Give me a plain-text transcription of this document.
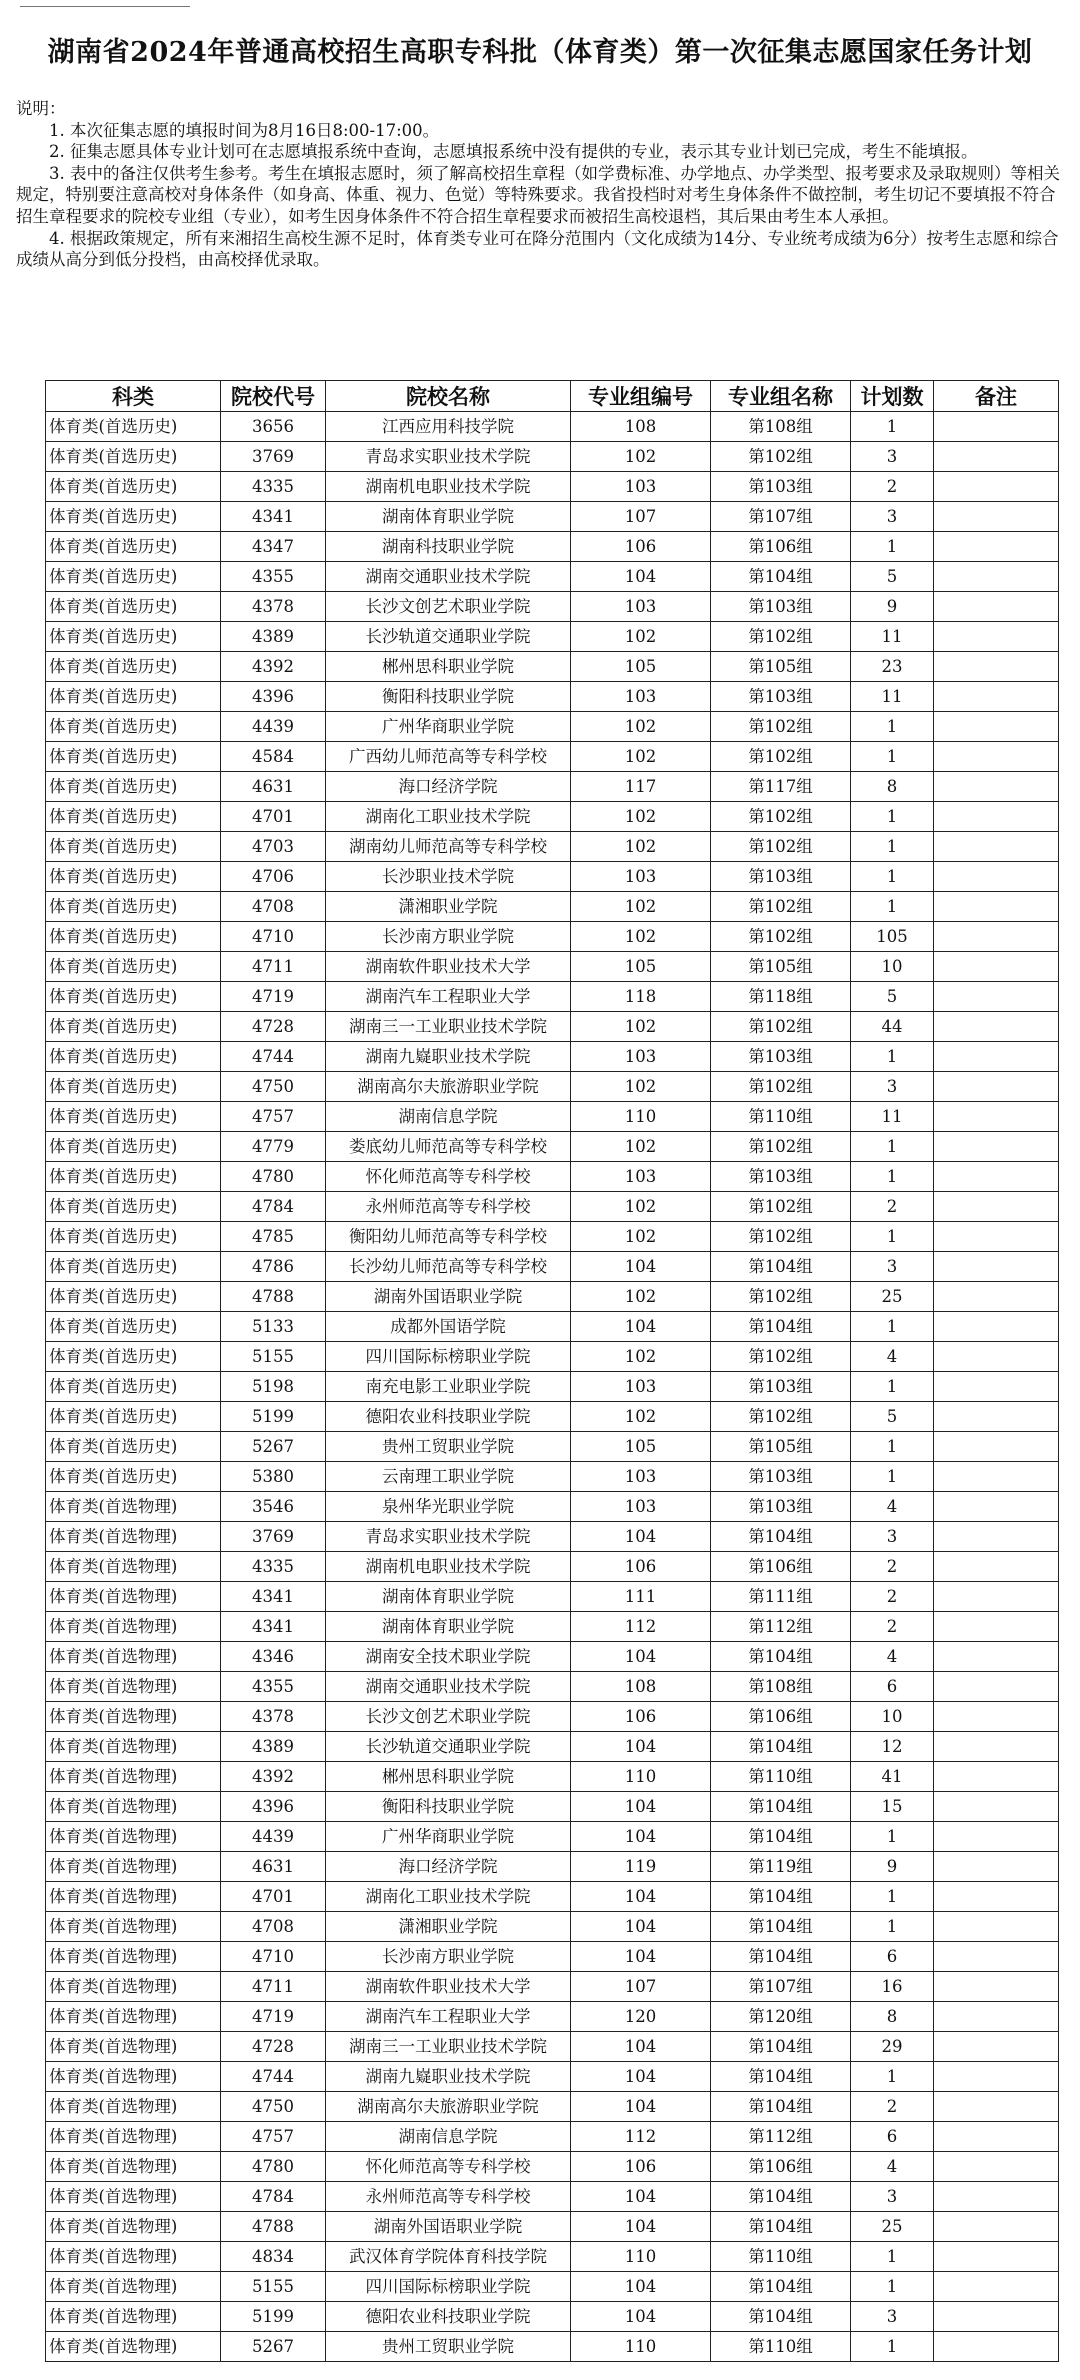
湖南省2024年普通高校招生高职专科批（体育类）第一次征集志愿国家任务计划
说明：

1. 本次征集志愿的填报时间为8月16日8:00-17:00。

2. 征集志愿具体专业计划可在志愿填报系统中查询，志愿填报系统中没有提供的专业，表示其专业计划已完成，考生不能填报。

3. 表中的备注仅供考生参考。考生在填报志愿时，须了解高校招生章程（如学费标准、办学地点、办学类型、报考要求及录取规则）等相关规定，特别要注意高校对身体条件（如身高、体重、视力、色觉）等特殊要求。我省投档时对考生身体条件不做控制，考生切记不要填报不符合招生章程要求的院校专业组（专业），如考生因身体条件不符合招生章程要求而被招生高校退档，其后果由考生本人承担。

4. 根据政策规定，所有来湘招生高校生源不足时，体育类专业可在降分范围内（文化成绩为14分、专业统考成绩为6分）按考生志愿和综合成绩从高分到低分投档，由高校择优录取。

科类	院校代号	院校名称	专业组编号	专业组名称	计划数	备注
体育类(首选历史)	3656	江西应用科技学院	108	第108组	1	
体育类(首选历史)	3769	青岛求实职业技术学院	102	第102组	3	
体育类(首选历史)	4335	湖南机电职业技术学院	103	第103组	2	
体育类(首选历史)	4341	湖南体育职业学院	107	第107组	3	
体育类(首选历史)	4347	湖南科技职业学院	106	第106组	1	
体育类(首选历史)	4355	湖南交通职业技术学院	104	第104组	5	
体育类(首选历史)	4378	长沙文创艺术职业学院	103	第103组	9	
体育类(首选历史)	4389	长沙轨道交通职业学院	102	第102组	11	
体育类(首选历史)	4392	郴州思科职业学院	105	第105组	23	
体育类(首选历史)	4396	衡阳科技职业学院	103	第103组	11	
体育类(首选历史)	4439	广州华商职业学院	102	第102组	1	
体育类(首选历史)	4584	广西幼儿师范高等专科学校	102	第102组	1	
体育类(首选历史)	4631	海口经济学院	117	第117组	8	
体育类(首选历史)	4701	湖南化工职业技术学院	102	第102组	1	
体育类(首选历史)	4703	湖南幼儿师范高等专科学校	102	第102组	1	
体育类(首选历史)	4706	长沙职业技术学院	103	第103组	1	
体育类(首选历史)	4708	潇湘职业学院	102	第102组	1	
体育类(首选历史)	4710	长沙南方职业学院	102	第102组	105	
体育类(首选历史)	4711	湖南软件职业技术大学	105	第105组	10	
体育类(首选历史)	4719	湖南汽车工程职业大学	118	第118组	5	
体育类(首选历史)	4728	湖南三一工业职业技术学院	102	第102组	44	
体育类(首选历史)	4744	湖南九嶷职业技术学院	103	第103组	1	
体育类(首选历史)	4750	湖南高尔夫旅游职业学院	102	第102组	3	
体育类(首选历史)	4757	湖南信息学院	110	第110组	11	
体育类(首选历史)	4779	娄底幼儿师范高等专科学校	102	第102组	1	
体育类(首选历史)	4780	怀化师范高等专科学校	103	第103组	1	
体育类(首选历史)	4784	永州师范高等专科学校	102	第102组	2	
体育类(首选历史)	4785	衡阳幼儿师范高等专科学校	102	第102组	1	
体育类(首选历史)	4786	长沙幼儿师范高等专科学校	104	第104组	3	
体育类(首选历史)	4788	湖南外国语职业学院	102	第102组	25	
体育类(首选历史)	5133	成都外国语学院	104	第104组	1	
体育类(首选历史)	5155	四川国际标榜职业学院	102	第102组	4	
体育类(首选历史)	5198	南充电影工业职业学院	103	第103组	1	
体育类(首选历史)	5199	德阳农业科技职业学院	102	第102组	5	
体育类(首选历史)	5267	贵州工贸职业学院	105	第105组	1	
体育类(首选历史)	5380	云南理工职业学院	103	第103组	1	
体育类(首选物理)	3546	泉州华光职业学院	103	第103组	4	
体育类(首选物理)	3769	青岛求实职业技术学院	104	第104组	3	
体育类(首选物理)	4335	湖南机电职业技术学院	106	第106组	2	
体育类(首选物理)	4341	湖南体育职业学院	111	第111组	2	
体育类(首选物理)	4341	湖南体育职业学院	112	第112组	2	
体育类(首选物理)	4346	湖南安全技术职业学院	104	第104组	4	
体育类(首选物理)	4355	湖南交通职业技术学院	108	第108组	6	
体育类(首选物理)	4378	长沙文创艺术职业学院	106	第106组	10	
体育类(首选物理)	4389	长沙轨道交通职业学院	104	第104组	12	
体育类(首选物理)	4392	郴州思科职业学院	110	第110组	41	
体育类(首选物理)	4396	衡阳科技职业学院	104	第104组	15	
体育类(首选物理)	4439	广州华商职业学院	104	第104组	1	
体育类(首选物理)	4631	海口经济学院	119	第119组	9	
体育类(首选物理)	4701	湖南化工职业技术学院	104	第104组	1	
体育类(首选物理)	4708	潇湘职业学院	104	第104组	1	
体育类(首选物理)	4710	长沙南方职业学院	104	第104组	6	
体育类(首选物理)	4711	湖南软件职业技术大学	107	第107组	16	
体育类(首选物理)	4719	湖南汽车工程职业大学	120	第120组	8	
体育类(首选物理)	4728	湖南三一工业职业技术学院	104	第104组	29	
体育类(首选物理)	4744	湖南九嶷职业技术学院	104	第104组	1	
体育类(首选物理)	4750	湖南高尔夫旅游职业学院	104	第104组	2	
体育类(首选物理)	4757	湖南信息学院	112	第112组	6	
体育类(首选物理)	4780	怀化师范高等专科学校	106	第106组	4	
体育类(首选物理)	4784	永州师范高等专科学校	104	第104组	3	
体育类(首选物理)	4788	湖南外国语职业学院	104	第104组	25	
体育类(首选物理)	4834	武汉体育学院体育科技学院	110	第110组	1	
体育类(首选物理)	5155	四川国际标榜职业学院	104	第104组	1	
体育类(首选物理)	5199	德阳农业科技职业学院	104	第104组	3	
体育类(首选物理)	5267	贵州工贸职业学院	110	第110组	1	
